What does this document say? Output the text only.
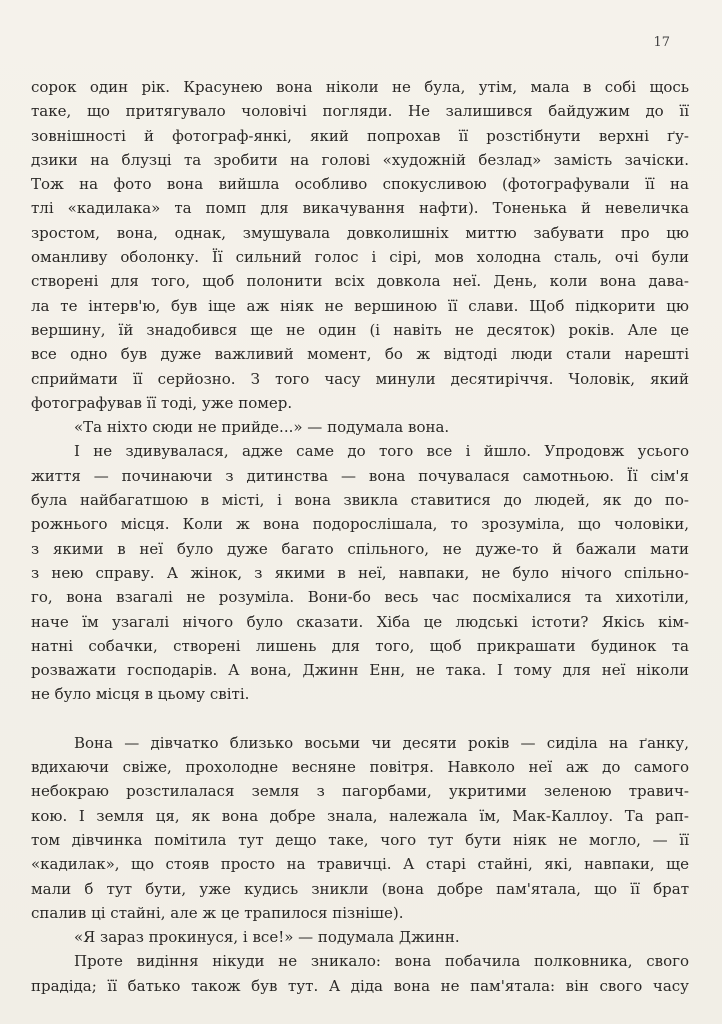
17
сорок один рік. Красунею вона ніколи не була, утім, мала в собі щось
таке, що притягувало чоловічі погляди. Не залишився байдужим до її
зовнішності й фотограф-янкі, який попрохав її розстібнути верхні ґу-
дзики на блузці та зробити на голові «художній безлад» замість зачіски.
Тож на фото вона вийшла особливо спокусливою (фотографували її на
тлі «кадилака» та помп для викачування нафти). Тоненька й невеличка
зростом, вона, однак, змушувала довколишніх миттю забувати про цю
оманливу оболонку. Її сильний голос і сірі, мов холодна сталь, очі були
створені для того, щоб полонити всіх довкола неї. День, коли вона дава-
ла те інтерв'ю, був іще аж ніяк не вершиною її слави. Щоб підкорити цю
вершину, їй знадобився ще не один (і навіть не десяток) років. Але це
все одно був дуже важливий момент, бо ж відтоді люди стали нарешті
сприймати її серйозно. З того часу минули десятиріччя. Чоловік, який
фотографував її тоді, уже помер.
«Та ніхто сюди не прийде...» — подумала вона.
І не здивувалася, адже саме до того все і йшло. Упродовж усього
життя — починаючи з дитинства — вона почувалася самотньою. Її сім'я
була найбагатшою в місті, і вона звикла ставитися до людей, як до по-
рожнього місця. Коли ж вона подорослішала, то зрозуміла, що чоловіки,
з якими в неї було дуже багато спільного, не дуже-то й бажали мати
з нею справу. А жінок, з якими в неї, навпаки, не було нічого спільно-
го, вона взагалі не розуміла. Вони-бо весь час посміхалися та хихотіли,
наче їм узагалі нічого було сказати. Хіба це людські істоти? Якісь кім-
натні собачки, створені лишень для того, щоб прикрашати будинок та
розважати господарів. А вона, Джинн Енн, не така. І тому для неї ніколи
не було місця в цьому світі.
Вона — дівчатко близько восьми чи десяти років — сиділа на ґанку,
вдихаючи свіже, прохолодне весняне повітря. Навколо неї аж до самого
небокраю розстилалася земля з пагорбами, укритими зеленою травич-
кою. І земля ця, як вона добре знала, належала їм, Мак-Каллоу. Та рап-
том дівчинка помітила тут дещо таке, чого тут бути ніяк не могло, — її
«кадилак», що стояв просто на травичці. А старі стайні, які, навпаки, ще
мали б тут бути, уже кудись зникли (вона добре пам'ятала, що її брат
спалив ці стайні, але ж це трапилося пізніше).
«Я зараз прокинуся, і все!» — подумала Джинн.
Проте видіння нікуди не зникало: вона побачила полковника, свого
прадіда; її батько також був тут. А діда вона не пам'ятала: він свого часу
